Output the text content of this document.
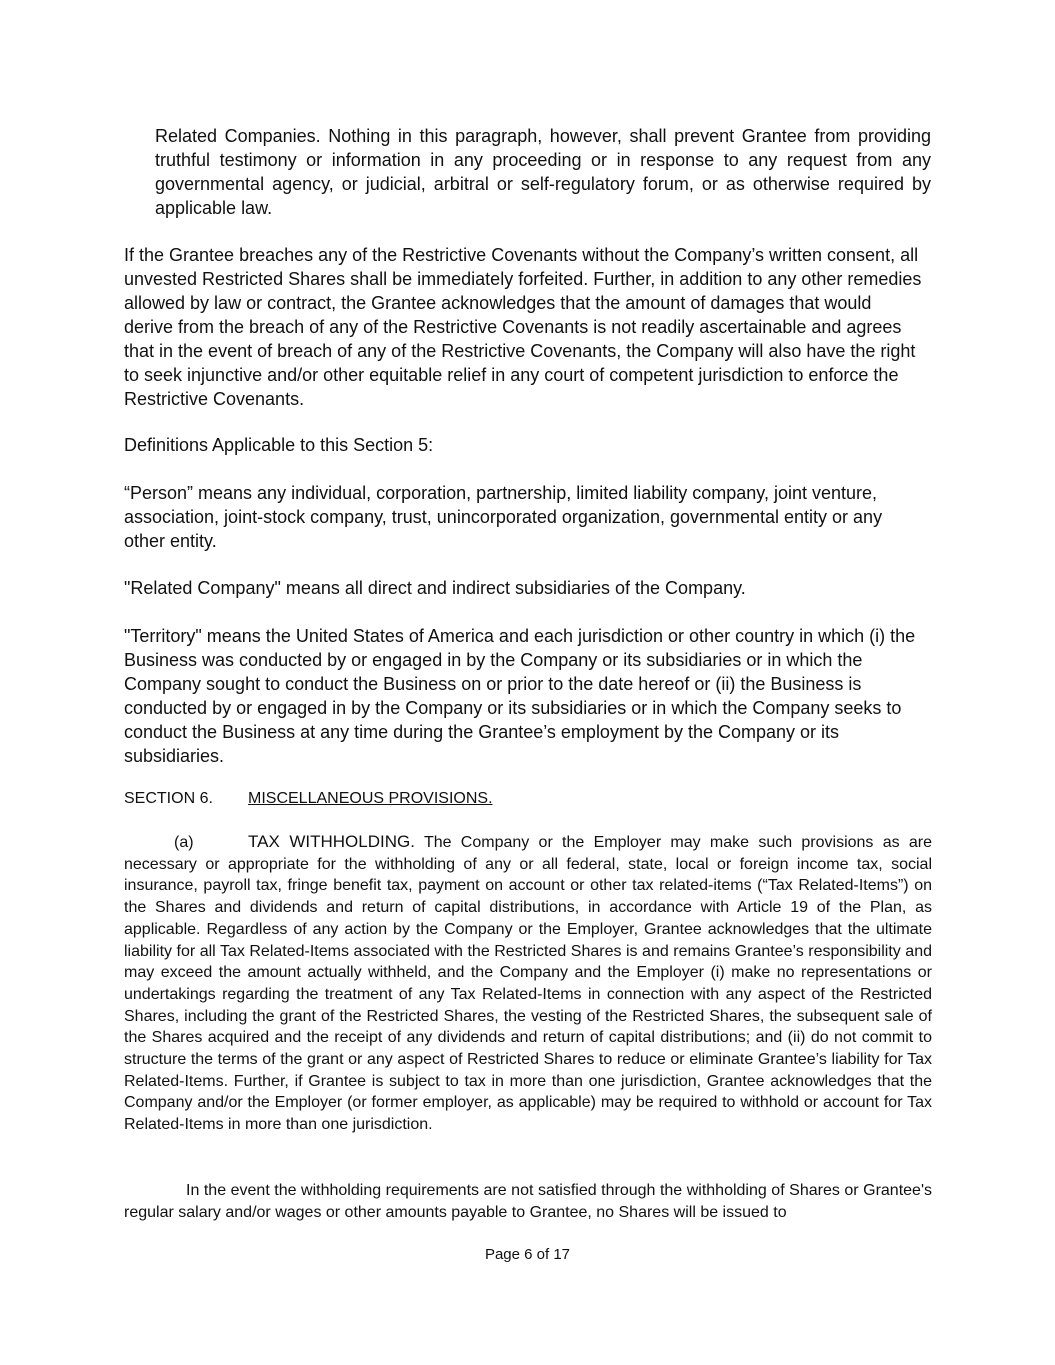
Related Companies. Nothing in this paragraph, however, shall prevent Grantee from providing truthful testimony or information in any proceeding or in response to any request from any governmental agency, or judicial, arbitral or self-regulatory forum, or as otherwise required by applicable law.

If the Grantee breaches any of the Restrictive Covenants without the Company’s written consent, all unvested Restricted Shares shall be immediately forfeited. Further, in addition to any other remedies allowed by law or contract, the Grantee acknowledges that the amount of damages that would derive from the breach of any of the Restrictive Covenants is not readily ascertainable and agrees that in the event of breach of any of the Restrictive Covenants, the Company will also have the right to seek injunctive and/or other equitable relief in any court of competent jurisdiction to enforce the Restrictive Covenants.

Definitions Applicable to this Section 5:

“Person” means any individual, corporation, partnership, limited liability company, joint venture, association, joint-stock company, trust, unincorporated organization, governmental entity or any other entity.

"Related Company" means all direct and indirect subsidiaries of the Company.

"Territory" means the United States of America and each jurisdiction or other country in which (i) the Business was conducted by or engaged in by the Company or its subsidiaries or in which the Company sought to conduct the Business on or prior to the date hereof or (ii) the Business is conducted by or engaged in by the Company or its subsidiaries or in which the Company seeks to conduct the Business at any time during the Grantee’s employment by the Company or its subsidiaries.

SECTION 6. MISCELLANEOUS PROVISIONS.

(a)	TAX WITHHOLDING. The Company or the Employer may make such provisions as are necessary or appropriate for the withholding of any or all federal, state, local or foreign income tax, social insurance, payroll tax, fringe benefit tax, payment on account or other tax related-items (“Tax Related-Items”) on the Shares and dividends and return of capital distributions, in accordance with Article 19 of the Plan, as applicable. Regardless of any action by the Company or the Employer, Grantee acknowledges that the ultimate liability for all Tax Related-Items associated with the Restricted Shares is and remains Grantee’s responsibility and may exceed the amount actually withheld, and the Company and the Employer (i) make no representations or undertakings regarding the treatment of any Tax Related-Items in connection with any aspect of the Restricted Shares, including the grant of the Restricted Shares, the vesting of the Restricted Shares, the subsequent sale of the Shares acquired and the receipt of any dividends and return of capital distributions; and (ii) do not commit to structure the terms of the grant or any aspect of Restricted Shares to reduce or eliminate Grantee’s liability for Tax Related-Items. Further, if Grantee is subject to tax in more than one jurisdiction, Grantee acknowledges that the Company and/or the Employer (or former employer, as applicable) may be required to withhold or account for Tax Related-Items in more than one jurisdiction.

In the event the withholding requirements are not satisfied through the withholding of Shares or Grantee's regular salary and/or wages or other amounts payable to Grantee, no Shares will be issued to

Page 6 of 17
